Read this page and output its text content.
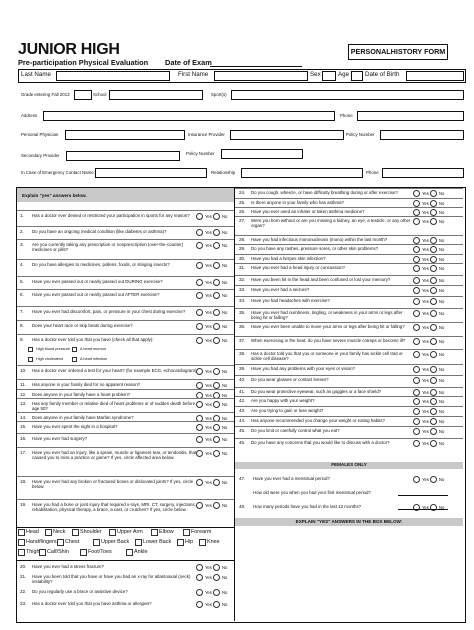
JUNIOR HIGH
Pre-participation Physical Evaluation Date of Exam
PERSONALHISTORY FORM
Last Name	First Name	Sex	Age	Date of Birth
Grade entering Fall 2013	School	Sport(s)
Address	Phone
Personal Physician	Insurance Provider	Policy Number
Secondary Provider	Policy Number
In Case of Emergency Contact Name:	Relationship	Phone
Explain "yes" answers below.
FEMALES ONLY
EXPLAIN "YES" ANSWERS IN THE BOX BELOW:
1. Has a doctor ever denied or restricted your participation in sports for any reason?	Yes No
2. Do you have an ongoing medical condition (like diabetes or asthma)?	Yes No
3. Are you currently taking any prescription or nonprescription (over-the-counter) medicines or pills?
Yes No
4. Do you have allergies to medicines, pollens, foods, or stinging insects?	Yes No
5. Have you ever passed out or nearly passed out DURING exercise?	Yes No
6. Have you ever passed out or nearly passed out AFTER exercise?	Yes No
7. Have you ever had discomfort, pain, or pressure in your chest during exercise?	Yes No
8. Does your heart race or skip beats during exercise?	Yes No
9. Has a doctor ever told you that you have (check all that apply):	Yes No
10. Has a doctor ever ordered a test for your heart? (for example ECG, echocardiogram) Yes No
11. Has anyone in your family died for no apparent reason?	Yes No
12. Does anyone in your family have a heart problem?	Yes No
13. Has any family member or relative died of heart problems or of sudden death before age 50?
Yes No
14. Does anyone in your family have Marfan syndrome?	Yes No
15. Have you ever spent the night in a hospital?	Yes No
16. Have you ever had surgery?	Yes No
17. Have you ever had an injury, like a sprain, muscle or ligament tear, or tendonitis, that caused you to miss a practice or game? If yes, circle affected area below.
Yes No
18. Have you ever had any broken or fractured bones or dislocated joints? If yes, circle below.
Yes No
19. Have you had a bone or joint injury that required x-rays, MRI, CT, surgery, injections, rehabilitation, physical therapy, a brace, a cast, or crutches? If yes, circle below.
Yes No
High blood pressure	A heart murmur
High cholesterol	A heart infection
Head	Neck	Shoulder	Upper Arm	Elbow	Forearm
Hand/fingers Chest	Upper Back	Lower Back	Hip	Knee
Thigh Calf/Shin	Foot/Toes	Ankle
20. Have you ever had a stress fracture?	Yes No
21. Have you been told that you have or have you had an x-ray for atlantoaxial (neck) instability?
Yes No
22. Do you regularly use a brace or assistive device?	Yes No
23. Has a doctor ever told you that you have asthma or allergies?	Yes No
24. Do you cough, wheeze, or have difficulty breathing during or after exercise?	Yes No
25. Is there anyone in your family who has asthma?	Yes No
26. Have you ever used an inhaler or taken asthma medicine?	Yes No
27. Were you born without or are you missing a kidney, an eye, a testicle, or any other organ?
Yes No
28. Have you had infectious mononucleosis (mono) within the last month?	Yes No
29. Do you have any rashes, pressure sores, or other skin problems?	Yes No
30. Have you had a herpes skin infection?	Yes No
31. Have you ever had a head injury or concussion?	Yes No
32. Have you been hit in the head and been confused or lost your memory?	Yes No
33. Have you ever had a seizure?	Yes No
34. Have you had headaches with exercise?	Yes No
35. Have you ever had numbness, tingling, or weakness in your arms or legs after being hit or falling?
Yes No
36. Have you ever been unable to move your arms or legs after being hit or falling?	Yes No
37. When exercising in the heat, do you have severe muscle cramps or become ill?	Yes No
38. Has a doctor told you that you or someone in your family has sickle cell trait or sickle cell disease?
Yes No
39. Have you had any problems with your eyes or vision?	Yes No
40. Do you wear glasses or contact lenses?	Yes No
41. Do you wear protective eyewear, such as goggles or a face shield?	Yes No
42. Are you happy with your weight?	Yes No
43. Are you trying to gain or lose weight?	Yes No
44. Has anyone recommended you change your weight or eating habits?	Yes No
45. Do you limit or carefully control what you eat?	Yes No
46. Do you have any concerns that you would like to discuss with a doctor?	Yes No
47. Have you ever had a menstrual period?	Yes No
How old were you when you had your first menstrual period?
48. How many periods have you had in the last 12 months?	Yes No
